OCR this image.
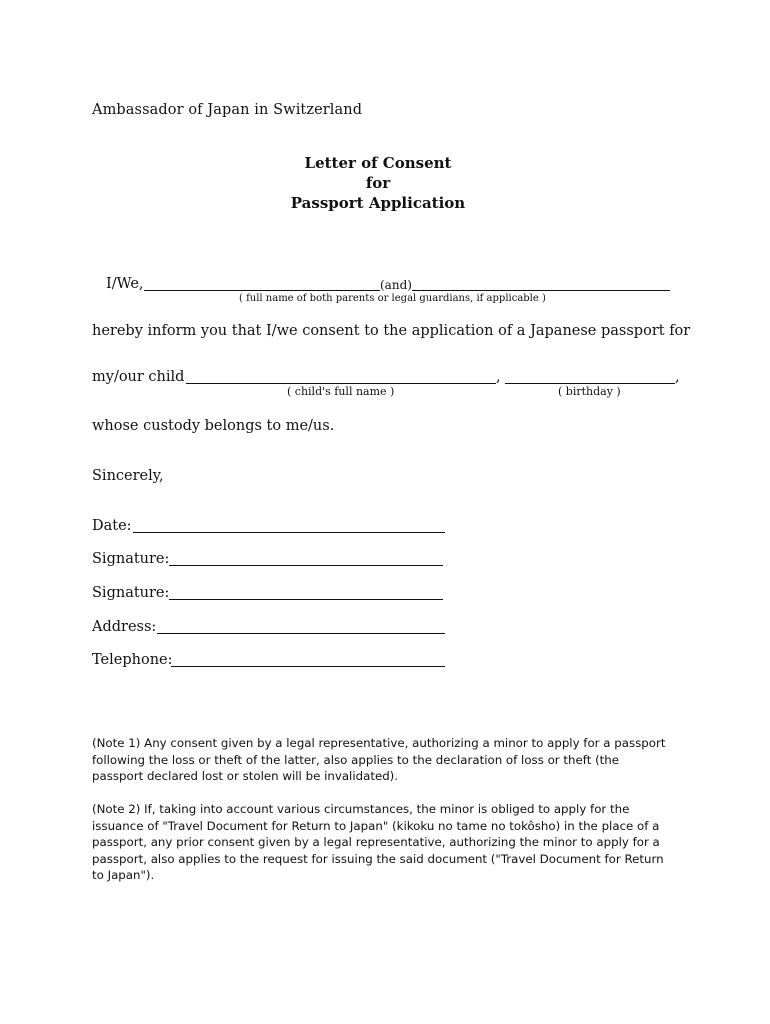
Ambassador of Japan in Switzerland
Letter of Consent
for
Passport Application
I/We,	(and)
( full name of both parents or legal guardians, if applicable )
hereby inform you that I/we consent to the application of a Japanese passport for
my/our child	,	,
( child's full name )	( birthday )
whose custody belongs to me/us.
Sincerely,
Date:
Signature:
Signature:
Address:
Telephone:
(Note 1) Any consent given by a legal representative, authorizing a minor to apply for a passport following the loss or theft of the latter, also applies to the declaration of loss or theft (the passport declared lost or stolen will be invalidated).
(Note 2) If, taking into account various circumstances, the minor is obliged to apply for the issuance of "Travel Document for Return to Japan" (kikoku no tame no tokôsho) in the place of a passport, any prior consent given by a legal representative, authorizing the minor to apply for a passport, also applies to the request for issuing the said document ("Travel Document for Return to Japan").
